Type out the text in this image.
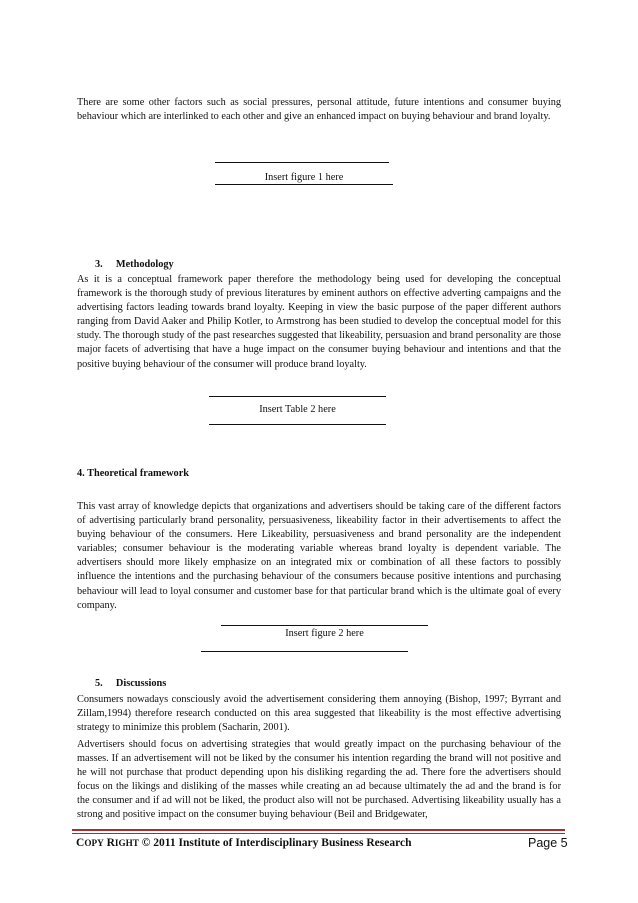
There are some other factors such as social pressures, personal attitude, future intentions and consumer buying behaviour which are interlinked to each other and give an enhanced impact on buying behaviour and brand loyalty.

Insert figure 1 here

3. Methodology

As it is a conceptual framework paper therefore the methodology being used for developing the conceptual framework is the thorough study of previous literatures by eminent authors on effective adverting campaigns and the advertising factors leading towards brand loyalty. Keeping in view the basic purpose of the paper different authors ranging from David Aaker and Philip Kotler, to Armstrong has been studied to develop the conceptual model for this study. The thorough study of the past researches suggested that likeability, persuasion and brand personality are those major facets of advertising that have a huge impact on the consumer buying behaviour and intentions and that the positive buying behaviour of the consumer will produce brand loyalty.

Insert Table 2 here

4. Theoretical framework

This vast array of knowledge depicts that organizations and advertisers should be taking care of the different factors of advertising particularly brand personality, persuasiveness, likeability factor in their advertisements to affect the buying behaviour of the consumers. Here Likeability, persuasiveness and brand personality are the independent variables; consumer behaviour is the moderating variable whereas brand loyalty is dependent variable. The advertisers should more likely emphasize on an integrated mix or combination of all these factors to possibly influence the intentions and the purchasing behaviour of the consumers because positive intentions and purchasing behaviour will lead to loyal consumer and customer base for that particular brand which is the ultimate goal of every company.

Insert figure 2 here

5. Discussions

Consumers nowadays consciously avoid the advertisement considering them annoying (Bishop, 1997; Byrrant and Zillam,1994) therefore research conducted on this area suggested that likeability is the most effective advertising strategy to minimize this problem (Sacharin, 2001).

Advertisers should focus on advertising strategies that would greatly impact on the purchasing behaviour of the masses. If an advertisement will not be liked by the consumer his intention regarding the brand will not positive and he will not purchase that product depending upon his disliking regarding the ad. There fore the advertisers should focus on the likings and disliking of the masses while creating an ad because ultimately the ad and the brand is for the consumer and if ad will not be liked, the product also will not be purchased. Advertising likeability usually has a strong and positive impact on the consumer buying behaviour (Beil and Bridgewater,

COPY RIGHT © 2011 Institute of Interdisciplinary Business Research	Page 5
